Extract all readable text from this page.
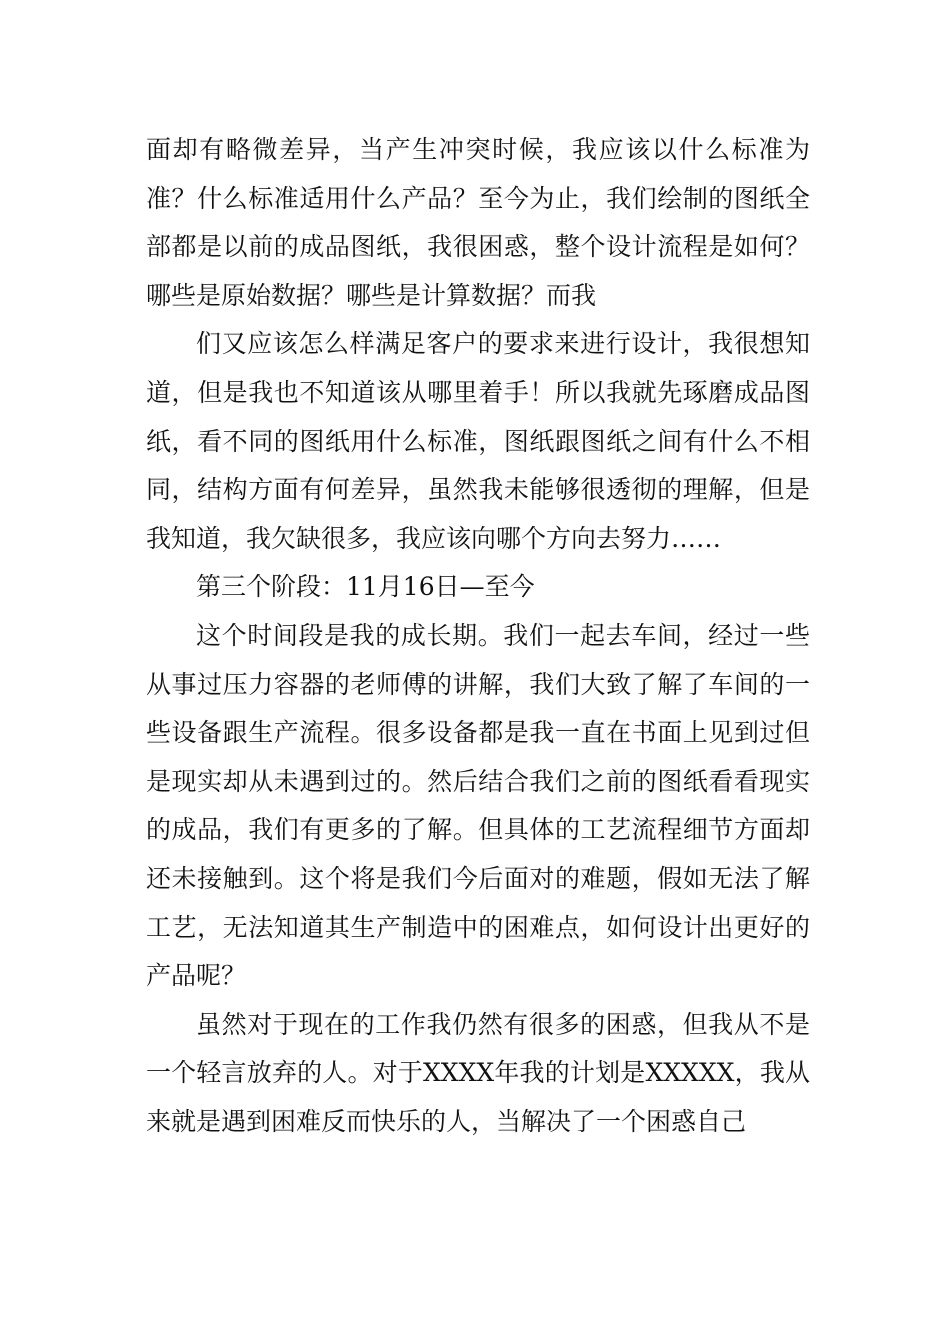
面却有略微差异，当产生冲突时候，我应该以什么标准为准？什么标准适用什么产品？至今为止，我们绘制的图纸全部都是以前的成品图纸，我很困惑，整个设计流程是如何？哪些是原始数据？哪些是计算数据？而我

们又应该怎么样满足客户的要求来进行设计，我很想知道，但是我也不知道该从哪里着手！所以我就先琢磨成品图纸，看不同的图纸用什么标准，图纸跟图纸之间有什么不相同，结构方面有何差异，虽然我未能够很透彻的理解，但是我知道，我欠缺很多，我应该向哪个方向去努力……

第三个阶段：11月16日—至今

这个时间段是我的成长期。我们一起去车间，经过一些从事过压力容器的老师傅的讲解，我们大致了解了车间的一些设备跟生产流程。很多设备都是我一直在书面上见到过但是现实却从未遇到过的。然后结合我们之前的图纸看看现实的成品，我们有更多的了解。但具体的工艺流程细节方面却还未接触到。这个将是我们今后面对的难题，假如无法了解工艺，无法知道其生产制造中的困难点，如何设计出更好的产品呢？

虽然对于现在的工作我仍然有很多的困惑，但我从不是一个轻言放弃的人。对于XXXX年我的计划是XXXXX，我从来就是遇到困难反而快乐的人，当解决了一个困惑自己
